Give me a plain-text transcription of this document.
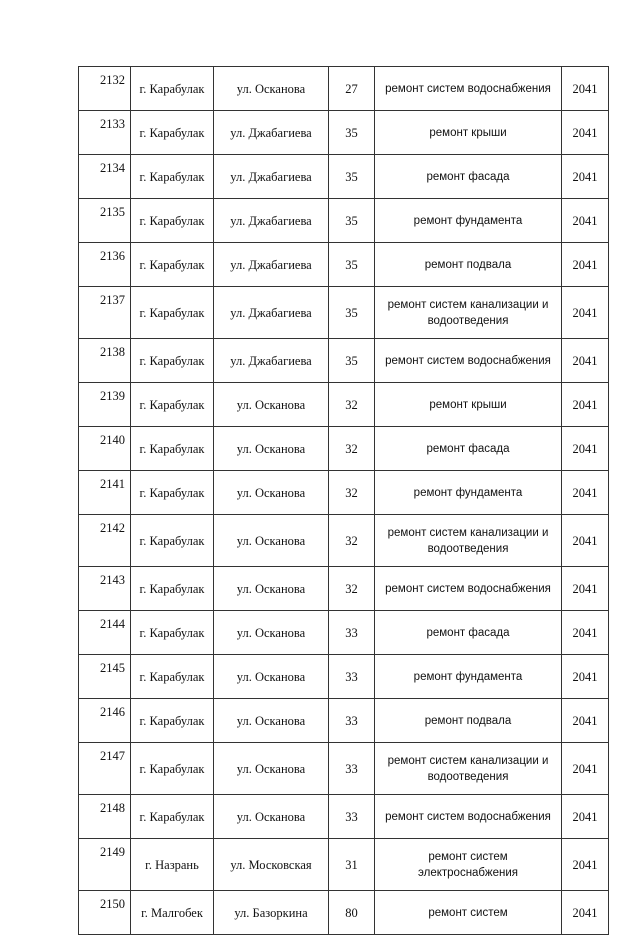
2132	г. Карабулак	ул. Осканова	27	ремонт систем водоснабжения	2041
2133	г. Карабулак	ул. Джабагиева	35	ремонт крыши	2041
2134	г. Карабулак	ул. Джабагиева	35	ремонт фасада	2041
2135	г. Карабулак	ул. Джабагиева	35	ремонт фундамента	2041
2136	г. Карабулак	ул. Джабагиева	35	ремонт подвала	2041
2137	г. Карабулак	ул. Джабагиева	35	ремонт систем канализации и водоотведения	2041
2138	г. Карабулак	ул. Джабагиева	35	ремонт систем водоснабжения	2041
2139	г. Карабулак	ул. Осканова	32	ремонт крыши	2041
2140	г. Карабулак	ул. Осканова	32	ремонт фасада	2041
2141	г. Карабулак	ул. Осканова	32	ремонт фундамента	2041
2142	г. Карабулак	ул. Осканова	32	ремонт систем канализации и водоотведения	2041
2143	г. Карабулак	ул. Осканова	32	ремонт систем водоснабжения	2041
2144	г. Карабулак	ул. Осканова	33	ремонт фасада	2041
2145	г. Карабулак	ул. Осканова	33	ремонт фундамента	2041
2146	г. Карабулак	ул. Осканова	33	ремонт подвала	2041
2147	г. Карабулак	ул. Осканова	33	ремонт систем канализации и водоотведения	2041
2148	г. Карабулак	ул. Осканова	33	ремонт систем водоснабжения	2041
2149	г. Назрань	ул. Московская	31	ремонт систем электроснабжения	2041
2150	г. Малгобек	ул. Базоркина	80	ремонт систем	2041
